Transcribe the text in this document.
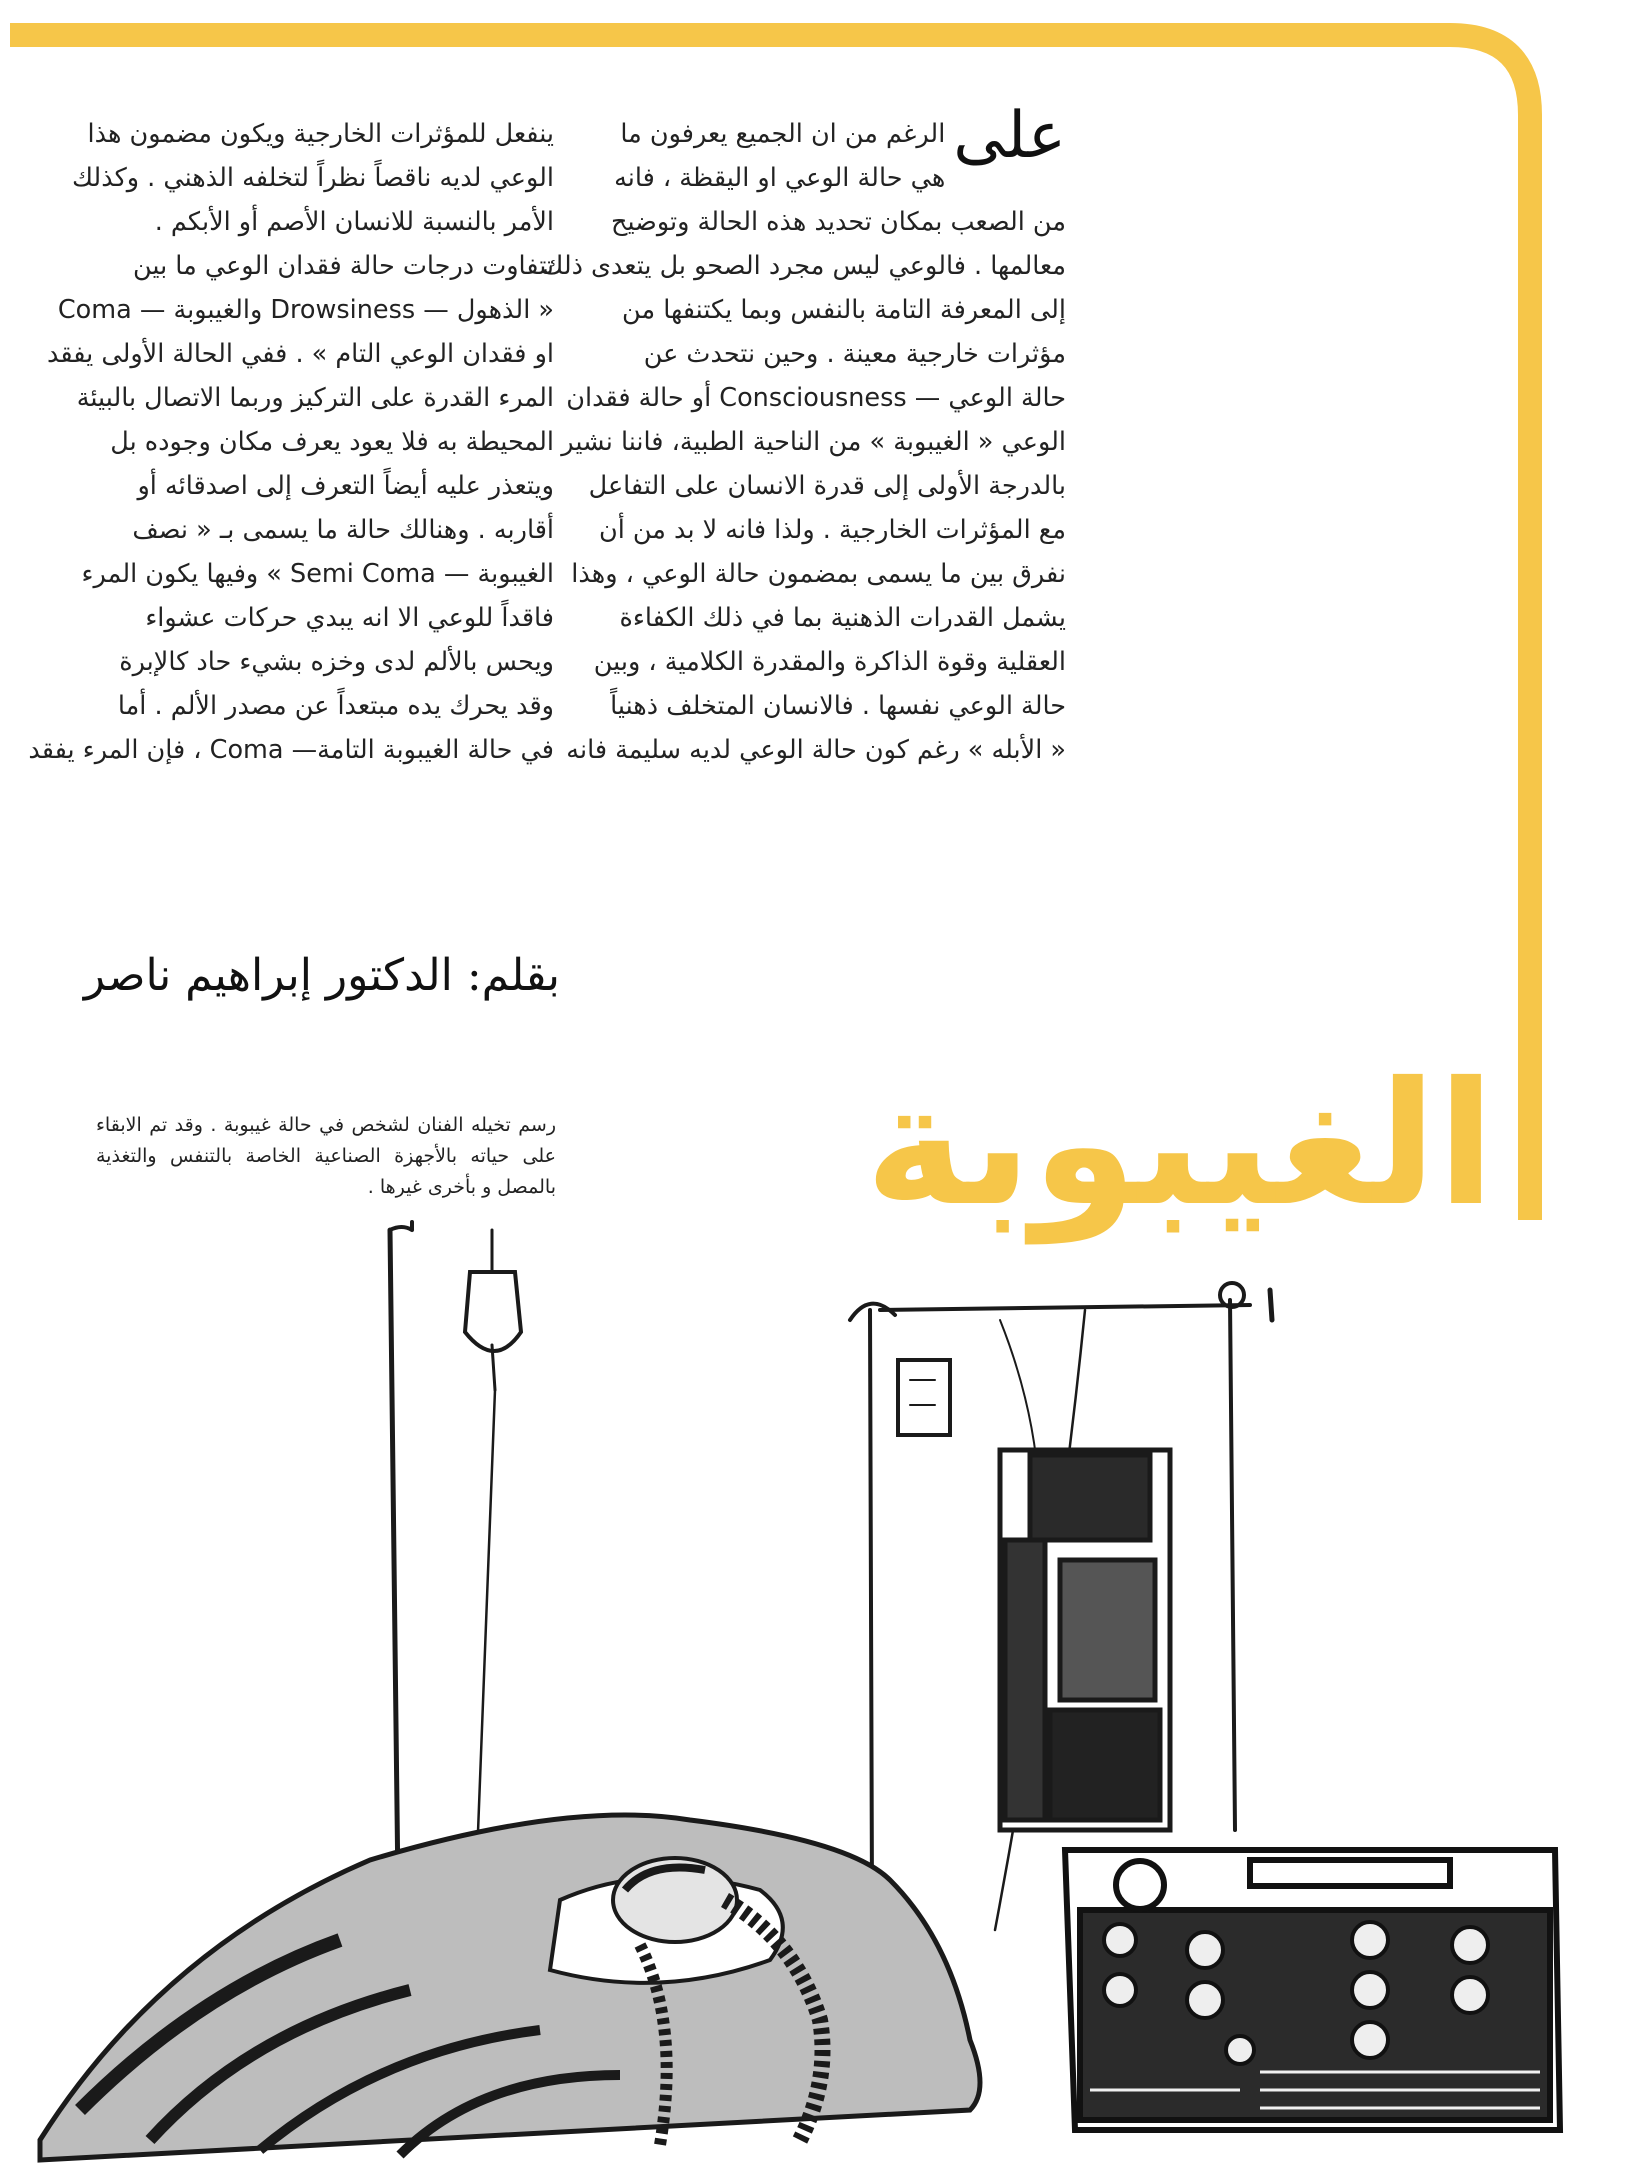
على
الرغم من ان الجميع يعرفون ما
هي حالة الوعي او اليقظة ، فانه
من الصعب بمكان تحديد هذه الحالة وتوضيح
معالمها . فالوعي ليس مجرد الصحو بل يتعدى ذلك
إلى المعرفة التامة بالنفس وبما يكتنفها من
مؤثرات خارجية معينة . وحين نتحدث عن
حالة الوعي — Consciousness أو حالة فقدان
الوعي « الغيبوبة » من الناحية الطبية، فاننا نشير
بالدرجة الأولى إلى قدرة الانسان على التفاعل
مع المؤثرات الخارجية . ولذا فانه لا بد من أن
نفرق بين ما يسمى بمضمون حالة الوعي ، وهذا
يشمل القدرات الذهنية بما في ذلك الكفاءة
العقلية وقوة الذاكرة والمقدرة الكلامية ، وبين
حالة الوعي نفسها . فالانسان المتخلف ذهنياً
« الأبله » رغم كون حالة الوعي لديه سليمة فانه
ينفعل للمؤثرات الخارجية ويكون مضمون هذا
الوعي لديه ناقصاً نظراً لتخلفه الذهني . وكذلك
الأمر بالنسبة للانسان الأصم أو الأبكم .
تتفاوت درجات حالة فقدان الوعي ما بين
« الذهول — Drowsiness والغيبوبة — Coma
او فقدان الوعي التام » . ففي الحالة الأولى يفقد
المرء القدرة على التركيز وربما الاتصال بالبيئة
المحيطة به فلا يعود يعرف مكان وجوده بل
ويتعذر عليه أيضاً التعرف إلى اصدقائه أو
أقاربه . وهنالك حالة ما يسمى بـ « نصف
الغيبوبة — Semi Coma » وفيها يكون المرء
فاقداً للوعي الا انه يبدي حركات عشواء
ويحس بالألم لدى وخزه بشيء حاد كالإبرة
وقد يحرك يده مبتعداً عن مصدر الألم . أما
في حالة الغيبوبة التامة— Coma ، فإن المرء يفقد
بقلم: الدكتور إبراهيم ناصر
رسم تخيله الفنان لشخص في حالة غيبوبة . وقد تم الابقاء على حياته بالأجهزة الصناعية الخاصة بالتنفس والتغذية بالمصل و بأخرى غيرها .	الغيبوبة
